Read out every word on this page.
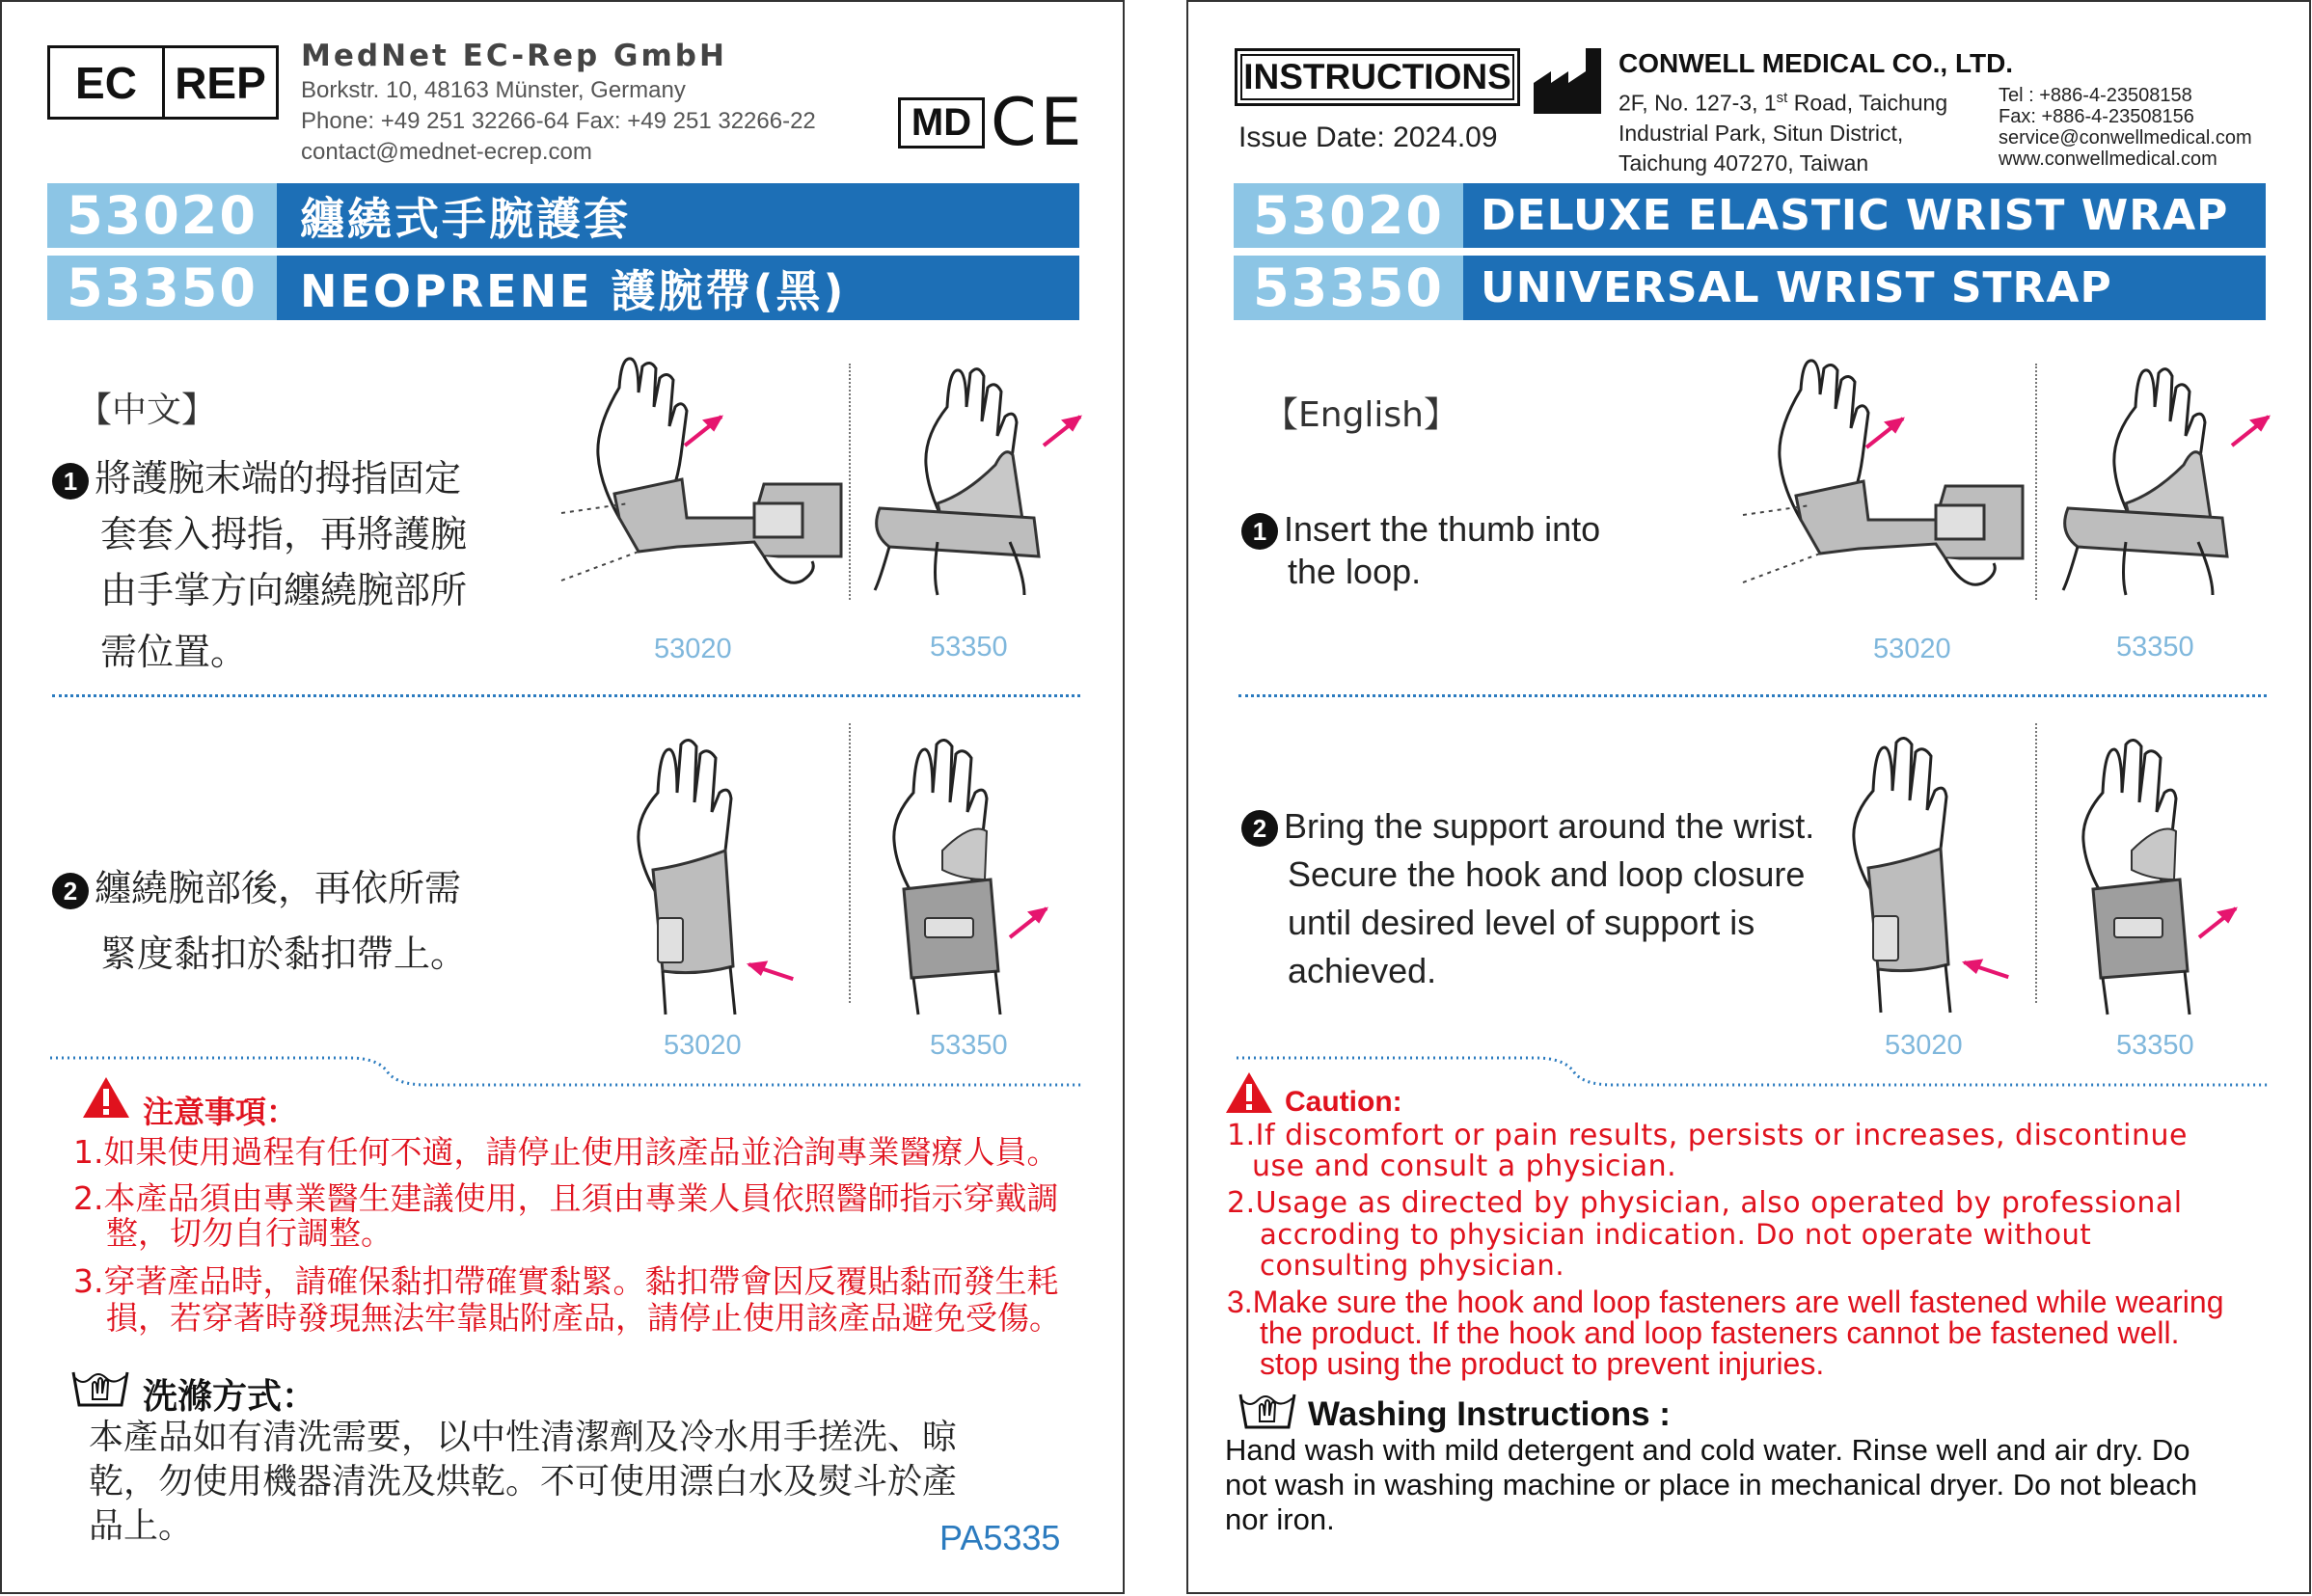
EC REP
MedNet EC-Rep GmbH
Borkstr. 10, 48163 Münster, Germany
Phone: +49 251 32266-64 Fax: +49 251 32266-22
contact@mednet-ecrep.com
MD CE
53020 纏繞式手腕護套
53350 NEOPRENE 護腕帶(黑)
【中文】
1 將護腕末端的拇指固定
套套入拇指，再將護腕
由手掌方向纏繞腕部所
需位置。	53020	53350
2 纏繞腕部後，再依所需
緊度黏扣於黏扣帶上。
53020	53350
注意事項：
1.如果使用過程有任何不適，請停止使用該產品並洽詢專業醫療人員。
2.本產品須由專業醫生建議使用，且須由專業人員依照醫師指示穿戴調
整，切勿自行調整。
3.穿著產品時，請確保黏扣帶確實黏緊。黏扣帶會因反覆貼黏而發生耗
損，若穿著時發現無法牢靠貼附產品，請停止使用該產品避免受傷。
洗滌方式：
本產品如有清洗需要，以中性清潔劑及冷水用手搓洗、晾
乾，勿使用機器清洗及烘乾。不可使用漂白水及熨斗於產
品上。	PA5335
INSTRUCTIONS
Issue Date: 2024.09
CONWELL MEDICAL CO., LTD.
2F, No. 127-3, 1st Road, Taichung
Industrial Park, Situn District,
Taichung 407270, Taiwan
Tel : +886-4-23508158
Fax: +886-4-23508156
service@conwellmedical.com
www.conwellmedical.com
53020 DELUXE ELASTIC WRIST WRAP
53350 UNIVERSAL WRIST STRAP
【English】
1 Insert the thumb into
the loop.
53020	53350
2 Bring the support around the wrist.
Secure the hook and loop closure
until desired level of support is
achieved.
53020	53350
Caution:
1.If discomfort or pain results, persists or increases, discontinue
use and consult a physician.
2.Usage as directed by physician, also operated by professional
accroding to physician indication. Do not operate without
consulting physician.
3.Make sure the hook and loop fasteners are well fastened while wearing
the product. If the hook and loop fasteners cannot be fastened well.
stop using the product to prevent injuries.
Washing Instructions :
Hand wash with mild detergent and cold water. Rinse well and air dry. Do
not wash in washing machine or place in mechanical dryer. Do not bleach
nor iron.
